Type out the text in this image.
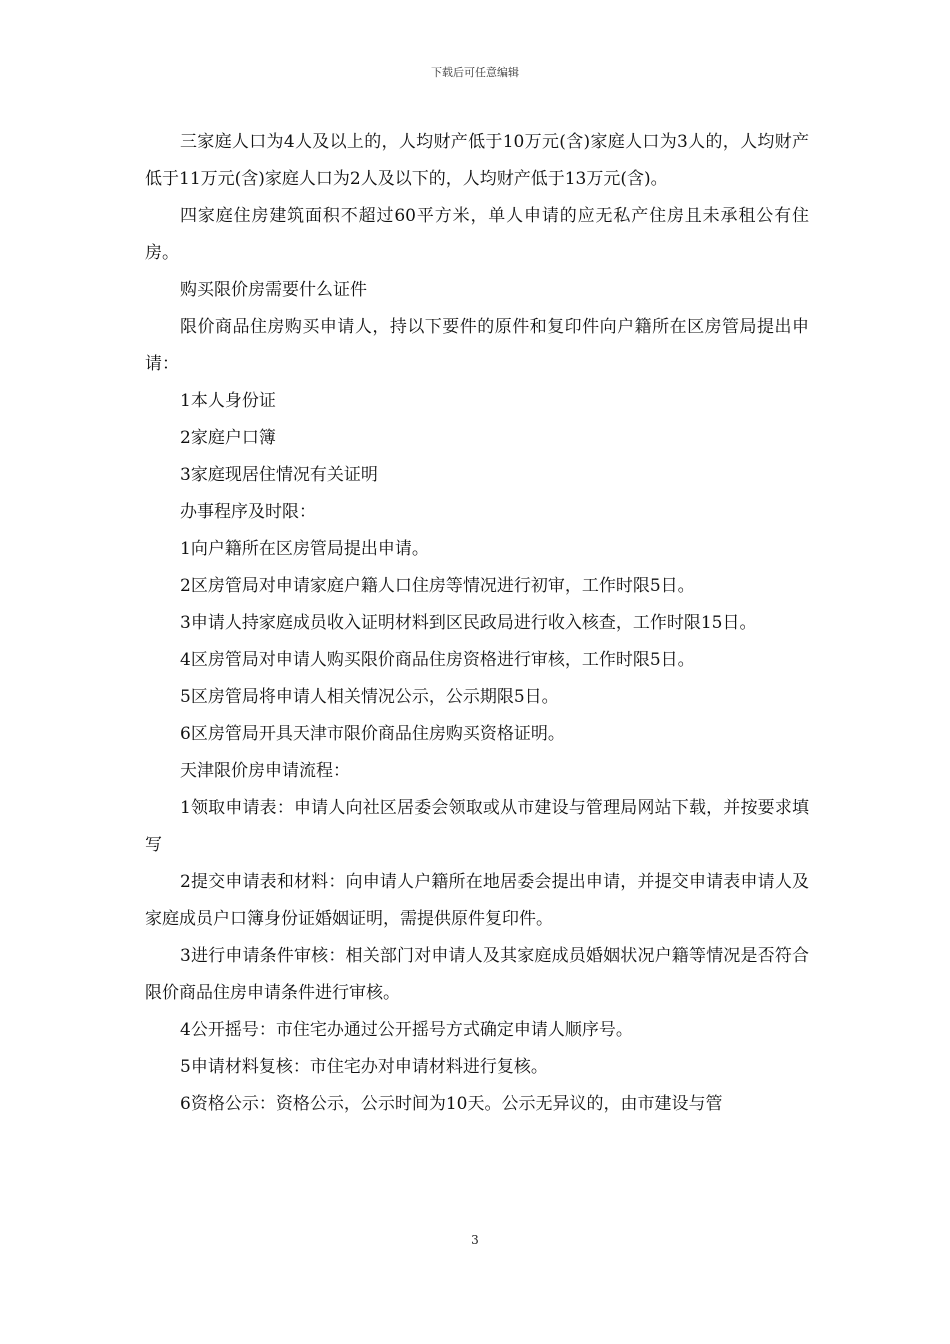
下载后可任意编辑

三家庭人口为4人及以上的，人均财产低于10万元(含)家庭人口为3人的，人均财产低于11万元(含)家庭人口为2人及以下的，人均财产低于13万元(含)。

四家庭住房建筑面积不超过60平方米，单人申请的应无私产住房且未承租公有住房。

购买限价房需要什么证件

限价商品住房购买申请人，持以下要件的原件和复印件向户籍所在区房管局提出申请：

1本人身份证

2家庭户口簿

3家庭现居住情况有关证明

办事程序及时限：

1向户籍所在区房管局提出申请。

2区房管局对申请家庭户籍人口住房等情况进行初审，工作时限5日。

3申请人持家庭成员收入证明材料到区民政局进行收入核查，工作时限15日。

4区房管局对申请人购买限价商品住房资格进行审核，工作时限5日。

5区房管局将申请人相关情况公示，公示期限5日。

6区房管局开具天津市限价商品住房购买资格证明。

天津限价房申请流程：

1领取申请表：申请人向社区居委会领取或从市建设与管理局网站下载，并按要求填写

2提交申请表和材料：向申请人户籍所在地居委会提出申请，并提交申请表申请人及家庭成员户口簿身份证婚姻证明，需提供原件复印件。

3进行申请条件审核：相关部门对申请人及其家庭成员婚姻状况户籍等情况是否符合限价商品住房申请条件进行审核。

4公开摇号：市住宅办通过公开摇号方式确定申请人顺序号。

5申请材料复核：市住宅办对申请材料进行复核。

6资格公示：资格公示，公示时间为10天。公示无异议的，由市建设与管

3
